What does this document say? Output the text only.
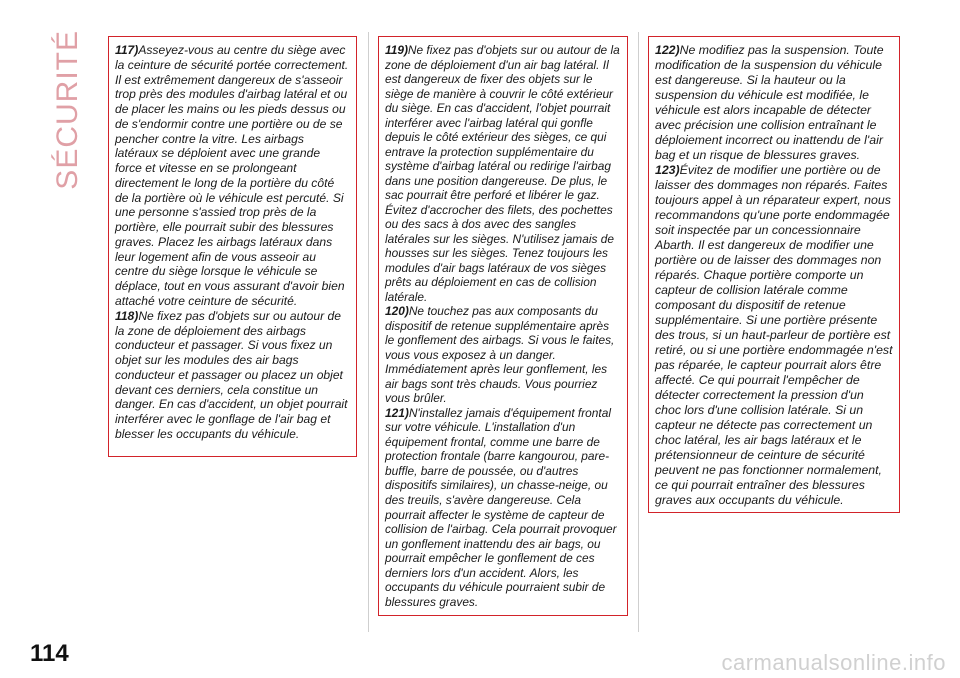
SÉCURITÉ	117)Asseyez-vous au centre du siège avec la ceinture de sécurité portée correctement. Il est extrêmement dangereux de s'asseoir trop près des modules d'airbag latéral et ou de placer les mains ou les pieds dessus ou de s'endormir contre une portière ou de se pencher contre la vitre. Les airbags latéraux se déploient avec une grande force et vitesse en se prolongeant directement le long de la portière du côté de la portière où le véhicule est percuté. Si une personne s'assied trop près de la portière, elle pourrait subir des blessures graves. Placez les airbags latéraux dans leur logement afin de vous asseoir au centre du siège lorsque le véhicule se déplace, tout en vous assurant d'avoir bien attaché votre ceinture de sécurité.

118)Ne fixez pas d'objets sur ou autour de la zone de déploiement des airbags conducteur et passager. Si vous fixez un objet sur les modules des air bags conducteur et passager ou placez un objet devant ces derniers, cela constitue un danger. En cas d'accident, un objet pourrait interférer avec le gonflage de l'air bag et blesser les occupants du véhicule.

119)Ne fixez pas d'objets sur ou autour de la zone de déploiement d'un air bag latéral. Il est dangereux de fixer des objets sur le siège de manière à couvrir le côté extérieur du siège. En cas d'accident, l'objet pourrait interférer avec l'airbag latéral qui gonfle depuis le côté extérieur des sièges, ce qui entrave la protection supplémentaire du système d'airbag latéral ou redirige l'airbag dans une position dangereuse. De plus, le sac pourrait être perforé et libérer le gaz. Évitez d'accrocher des filets, des pochettes ou des sacs à dos avec des sangles latérales sur les sièges. N'utilisez jamais de housses sur les sièges. Tenez toujours les modules d'air bags latéraux de vos sièges prêts au déploiement en cas de collision latérale.

120)Ne touchez pas aux composants du dispositif de retenue supplémentaire après le gonflement des airbags. Si vous le faites, vous vous exposez à un danger. Immédiatement après leur gonflement, les air bags sont très chauds. Vous pourriez vous brûler.

121)N'installez jamais d'équipement frontal sur votre véhicule. L'installation d'un équipement frontal, comme une barre de protection frontale (barre kangourou, pare-buffle, barre de poussée, ou d'autres dispositifs similaires), un chasse-neige, ou des treuils, s'avère dangereuse. Cela pourrait affecter le système de capteur de collision de l'airbag. Cela pourrait provoquer un gonflement inattendu des air bags, ou pourrait empêcher le gonflement de ces derniers lors d'un accident. Alors, les occupants du véhicule pourraient subir de blessures graves.

122)Ne modifiez pas la suspension. Toute modification de la suspension du véhicule est dangereuse. Si la hauteur ou la suspension du véhicule est modifiée, le véhicule est alors incapable de détecter avec précision une collision entraînant le déploiement incorrect ou inattendu de l'air bag et un risque de blessures graves.

123)Évitez de modifier une portière ou de laisser des dommages non réparés. Faites toujours appel à un réparateur expert, nous recommandons qu'une porte endommagée soit inspectée par un concessionnaire Abarth. Il est dangereux de modifier une portière ou de laisser des dommages non réparés. Chaque portière comporte un capteur de collision latérale comme composant du dispositif de retenue supplémentaire. Si une portière présente des trous, si un haut-parleur de portière est retiré, ou si une portière endommagée n'est pas réparée, le capteur pourrait alors être affecté. Ce qui pourrait l'empêcher de détecter correctement la pression d'un choc lors d'une collision latérale. Si un capteur ne détecte pas correctement un choc latéral, les air bags latéraux et le prétensionneur de ceinture de sécurité peuvent ne pas fonctionner normalement, ce qui pourrait entraîner des blessures graves aux occupants du véhicule.

114	carmanualsonline.info
